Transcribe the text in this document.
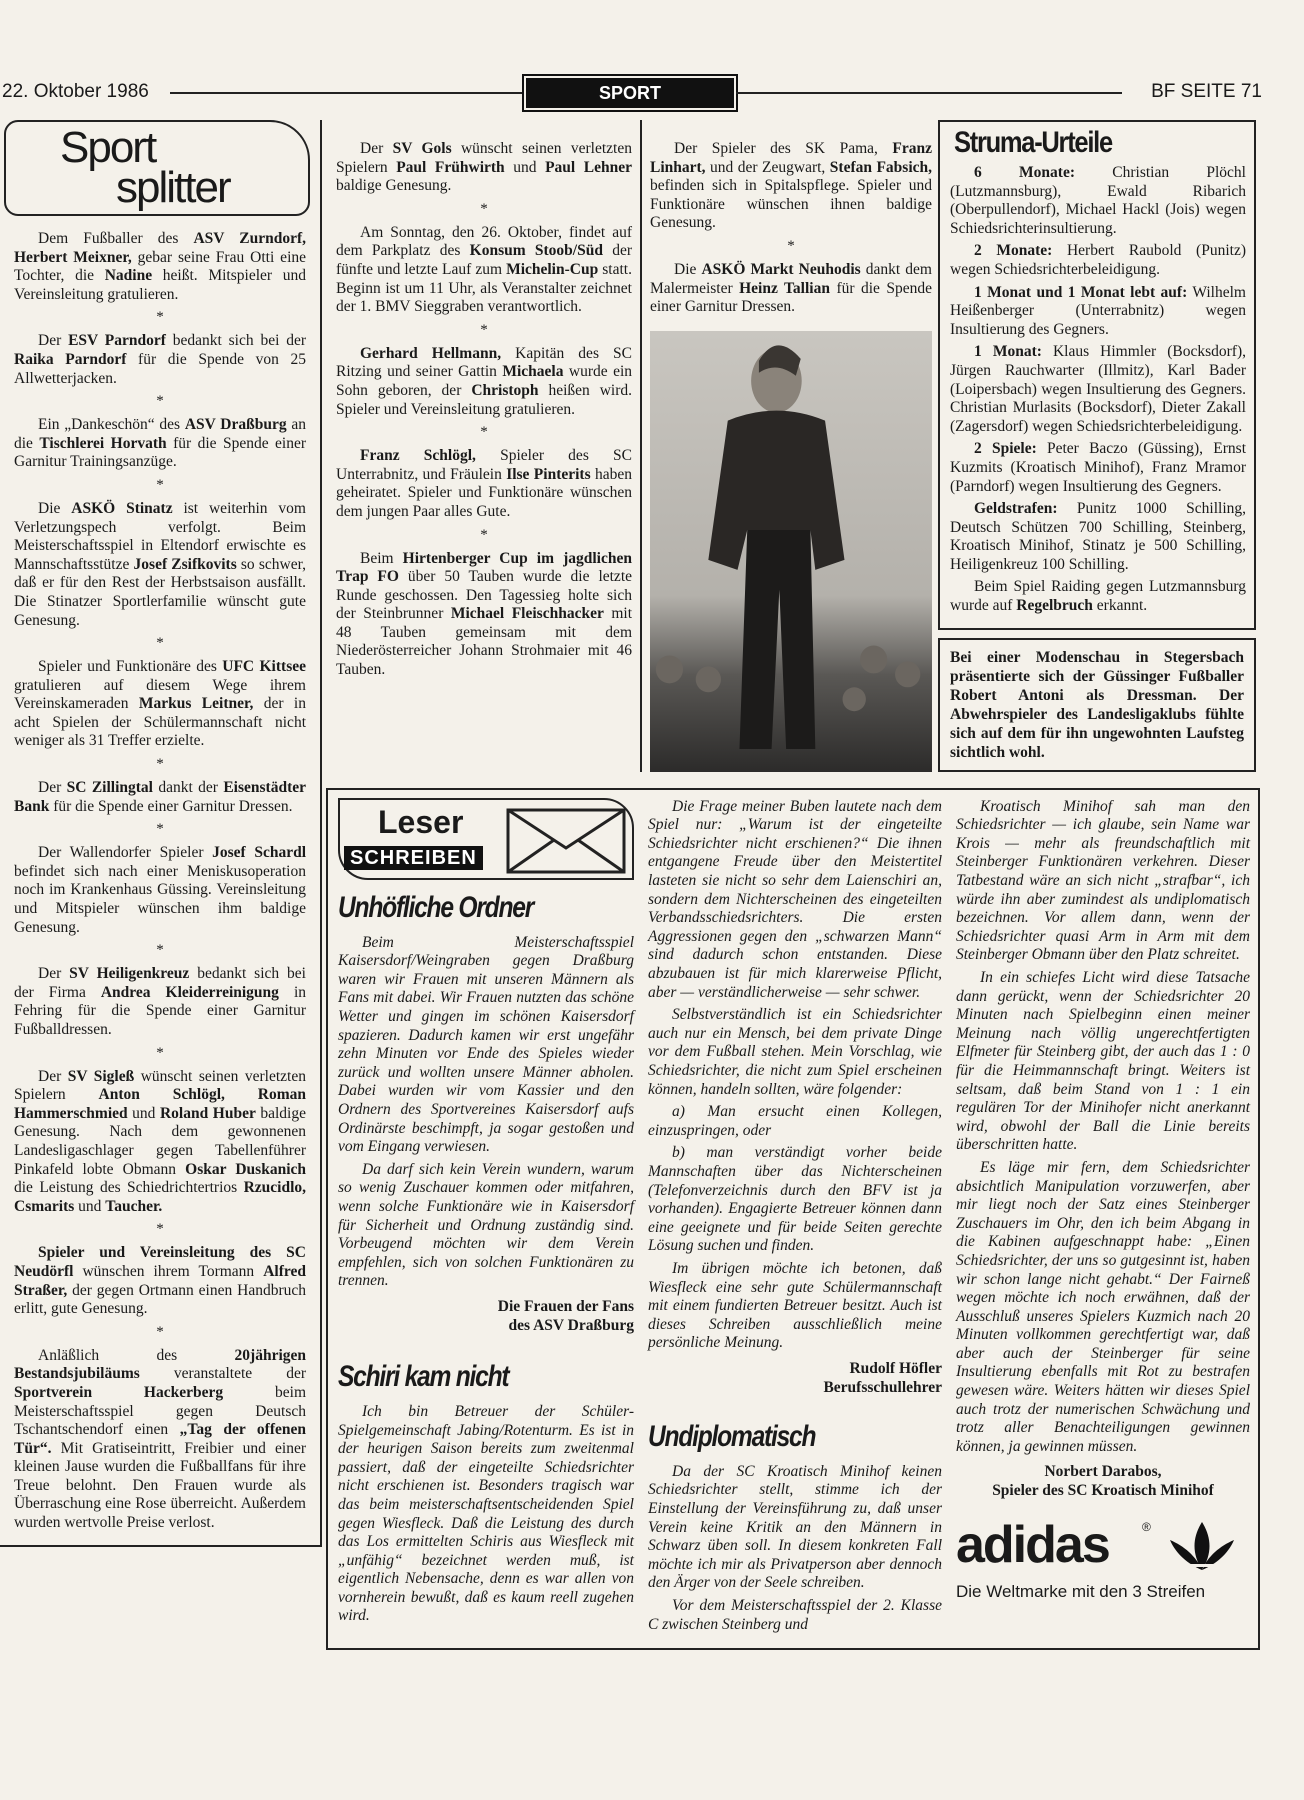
22. Oktober 1986	SPORT	BF SEITE 71
Sport
splitter

Dem Fußballer des ASV Zurndorf, Herbert Meixner, gebar seine Frau Otti eine Tochter, die Nadine heißt. Mitspieler und Vereinsleitung gratulieren.

*

Der ESV Parndorf bedankt sich bei der Raika Parndorf für die Spende von 25 Allwetterjacken.

*

Ein „Dankeschön“ des ASV Draßburg an die Tischlerei Horvath für die Spende einer Garnitur Trainingsanzüge.

*

Die ASKÖ Stinatz ist weiterhin vom Verletzungspech verfolgt. Beim Meisterschaftsspiel in Eltendorf erwischte es Mannschaftsstütze Josef Zsifkovits so schwer, daß er für den Rest der Herbstsaison ausfällt. Die Stinatzer Sportlerfamilie wünscht gute Genesung.

*

Spieler und Funktionäre des UFC Kittsee gratulieren auf diesem Wege ihrem Vereinskameraden Markus Leitner, der in acht Spielen der Schülermannschaft nicht weniger als 31 Treffer erzielte.

*

Der SC Zillingtal dankt der Eisenstädter Bank für die Spende einer Garnitur Dressen.

*

Der Wallendorfer Spieler Josef Schardl befindet sich nach einer Meniskusoperation noch im Krankenhaus Güssing. Vereinsleitung und Mitspieler wünschen ihm baldige Genesung.

*

Der SV Heiligenkreuz bedankt sich bei der Firma Andrea Kleiderreinigung in Fehring für die Spende einer Garnitur Fußballdressen.

*

Der SV Sigleß wünscht seinen verletzten Spielern Anton Schlögl, Roman Hammerschmied und Roland Huber baldige Genesung. Nach dem gewonnenen Landesligaschlager gegen Tabellenführer Pinkafeld lobte Obmann Oskar Duskanich die Leistung des Schiedrichtertrios Rzucidlo, Csmarits und Taucher.

*

Spieler und Vereinsleitung des SC Neudörfl wünschen ihrem Tormann Alfred Straßer, der gegen Ortmann einen Handbruch erlitt, gute Genesung.

*

Anläßlich des 20jährigen Bestandsjubiläums veranstaltete der Sportverein Hackerberg beim Meisterschaftsspiel gegen Deutsch Tschantschendorf einen „Tag der offenen Tür“. Mit Gratiseintritt, Freibier und einer kleinen Jause wurden die Fußballfans für ihre Treue belohnt. Den Frauen wurde als Überraschung eine Rose überreicht. Außerdem wurden wertvolle Preise verlost.

Der SV Gols wünscht seinen verletzten Spielern Paul Frühwirth und Paul Lehner baldige Genesung.

*

Am Sonntag, den 26. Oktober, findet auf dem Parkplatz des Konsum Stoob/Süd der fünfte und letzte Lauf zum Michelin-Cup statt. Beginn ist um 11 Uhr, als Veranstalter zeichnet der 1. BMV Sieggraben verantwortlich.

*

Gerhard Hellmann, Kapitän des SC Ritzing und seiner Gattin Michaela wurde ein Sohn geboren, der Christoph heißen wird. Spieler und Vereinsleitung gratulieren.

*

Franz Schlögl, Spieler des SC Unterrabnitz, und Fräulein Ilse Pinterits haben geheiratet. Spieler und Funktionäre wünschen dem jungen Paar alles Gute.

*

Beim Hirtenberger Cup im jagdlichen Trap FO über 50 Tauben wurde die letzte Runde geschossen. Den Tagessieg holte sich der Steinbrunner Michael Fleischhacker mit 48 Tauben gemeinsam mit dem Niederösterreicher Johann Strohmaier mit 46 Tauben.

Der Spieler des SK Pama, Franz Linhart, und der Zeugwart, Stefan Fabsich, befinden sich in Spitalspflege. Spieler und Funktionäre wünschen ihnen baldige Genesung.

*

Die ASKÖ Markt Neuhodis dankt dem Malermeister Heinz Tallian für die Spende einer Garnitur Dressen.

Struma-Urteile

6 Monate: Christian Plöchl (Lutzmannsburg), Ewald Ribarich (Oberpullendorf), Michael Hackl (Jois) wegen Schiedsrichterinsultierung.

2 Monate: Herbert Raubold (Punitz) wegen Schiedsrichterbeleidigung.

1 Monat und 1 Monat lebt auf: Wilhelm Heißenberger (Unterrabnitz) wegen Insultierung des Gegners.

1 Monat: Klaus Himmler (Bocksdorf), Jürgen Rauchwarter (Illmitz), Karl Bader (Loipersbach) wegen Insultierung des Gegners. Christian Murlasits (Bocksdorf), Dieter Zakall (Zagersdorf) wegen Schiedsrichterbeleidigung.

2 Spiele: Peter Baczo (Güssing), Ernst Kuzmits (Kroatisch Minihof), Franz Mramor (Parndorf) wegen Insultierung des Gegners.

Geldstrafen: Punitz 1000 Schilling, Deutsch Schützen 700 Schilling, Steinberg, Kroatisch Minihof, Stinatz je 500 Schilling, Heiligenkreuz 100 Schilling.

Beim Spiel Raiding gegen Lutzmannsburg wurde auf Regelbruch erkannt.

Bei einer Modenschau in Stegersbach präsentierte sich der Güssinger Fußballer Robert Antoni als Dressman. Der Abwehrspieler des Landesligaklubs fühlte sich auf dem für ihn ungewohnten Laufsteg sichtlich wohl.
Leser
SCHREIBEN
Unhöfliche Ordner

Beim Meisterschaftsspiel Kaisersdorf/Weingraben gegen Draßburg waren wir Frauen mit unseren Männern als Fans mit dabei. Wir Frauen nutzten das schöne Wetter und gingen im schönen Kaisersdorf spazieren. Dadurch kamen wir erst ungefähr zehn Minuten vor Ende des Spieles wieder zurück und wollten unsere Männer abholen. Dabei wurden wir vom Kassier und den Ordnern des Sportvereines Kaisersdorf aufs Ordinärste beschimpft, ja sogar gestoßen und vom Eingang verwiesen.

Da darf sich kein Verein wundern, warum so wenig Zuschauer kommen oder mitfahren, wenn solche Funktionäre wie in Kaisersdorf für Sicherheit und Ordnung zuständig sind. Vorbeugend möchten wir dem Verein empfehlen, sich von solchen Funktionären zu trennen.

Die Frauen der Fans
des ASV Draßburg
Schiri kam nicht

Ich bin Betreuer der Schüler-Spielgemeinschaft Jabing/Rotenturm. Es ist in der heurigen Saison bereits zum zweitenmal passiert, daß der eingeteilte Schiedsrichter nicht erschienen ist. Besonders tragisch war das beim meisterschaftsentscheidenden Spiel gegen Wiesfleck. Daß die Leistung des durch das Los ermittelten Schiris aus Wiesfleck mit „unfähig“ bezeichnet werden muß, ist eigentlich Nebensache, denn es war allen von vornherein bewußt, daß es kaum reell zugehen wird.

Die Frage meiner Buben lautete nach dem Spiel nur: „Warum ist der eingeteilte Schiedsrichter nicht erschienen?“ Die ihnen entgangene Freude über den Meistertitel lasteten sie nicht so sehr dem Laienschiri an, sondern dem Nichterscheinen des eingeteilten Verbandsschiedsrichters. Die ersten Aggressionen gegen den „schwarzen Mann“ sind dadurch schon entstanden. Diese abzubauen ist für mich klarerweise Pflicht, aber — verständlicherweise — sehr schwer.

Selbstverständlich ist ein Schiedsrichter auch nur ein Mensch, bei dem private Dinge vor dem Fußball stehen. Mein Vorschlag, wie Schiedsrichter, die nicht zum Spiel erscheinen können, handeln sollten, wäre folgender:

a) Man ersucht einen Kollegen, einzuspringen, oder

b) man verständigt vorher beide Mannschaften über das Nichterscheinen (Telefonverzeichnis durch den BFV ist ja vorhanden). Engagierte Betreuer können dann eine geeignete und für beide Seiten gerechte Lösung suchen und finden.

Im übrigen möchte ich betonen, daß Wiesfleck eine sehr gute Schülermannschaft mit einem fundierten Betreuer besitzt. Auch ist dieses Schreiben ausschließlich meine persönliche Meinung.

Rudolf Höfler
Berufsschullehrer
Undiplomatisch

Da der SC Kroatisch Minihof keinen Schiedsrichter stellt, stimme ich der Einstellung der Vereinsführung zu, daß unser Verein keine Kritik an den Männern in Schwarz üben soll. In diesem konkreten Fall möchte ich mir als Privatperson aber dennoch den Ärger von der Seele schreiben.

Vor dem Meisterschaftsspiel der 2. Klasse C zwischen Steinberg und

Kroatisch Minihof sah man den Schiedsrichter — ich glaube, sein Name war Krois — mehr als freundschaftlich mit Steinberger Funktionären verkehren. Dieser Tatbestand wäre an sich nicht „strafbar“, ich würde ihn aber zumindest als undiplomatisch bezeichnen. Vor allem dann, wenn der Schiedsrichter quasi Arm in Arm mit dem Steinberger Obmann über den Platz schreitet.

In ein schiefes Licht wird diese Tatsache dann gerückt, wenn der Schiedsrichter 20 Minuten nach Spielbeginn einen meiner Meinung nach völlig ungerechtfertigten Elfmeter für Steinberg gibt, der auch das 1 : 0 für die Heimmannschaft bringt. Weiters ist seltsam, daß beim Stand von 1 : 1 ein regulären Tor der Minihofer nicht anerkannt wird, obwohl der Ball die Linie bereits überschritten hatte.

Es läge mir fern, dem Schiedsrichter absichtlich Manipulation vorzuwerfen, aber mir liegt noch der Satz eines Steinberger Zuschauers im Ohr, den ich beim Abgang in die Kabinen aufgeschnappt habe: „Einen Schiedsrichter, der uns so gutgesinnt ist, haben wir schon lange nicht gehabt.“ Der Fairneß wegen möchte ich noch erwähnen, daß der Ausschluß unseres Spielers Kuzmich nach 20 Minuten vollkommen gerechtfertigt war, daß aber auch der Steinberger für seine Insultierung ebenfalls mit Rot zu bestrafen gewesen wäre. Weiters hätten wir dieses Spiel auch trotz der numerischen Schwächung und trotz aller Benachteiligungen gewinnen können, ja gewinnen müssen.

Norbert Darabos,
Spieler des SC Kroatisch Minihof
adidas	®
Die Weltmarke mit den 3 Streifen
